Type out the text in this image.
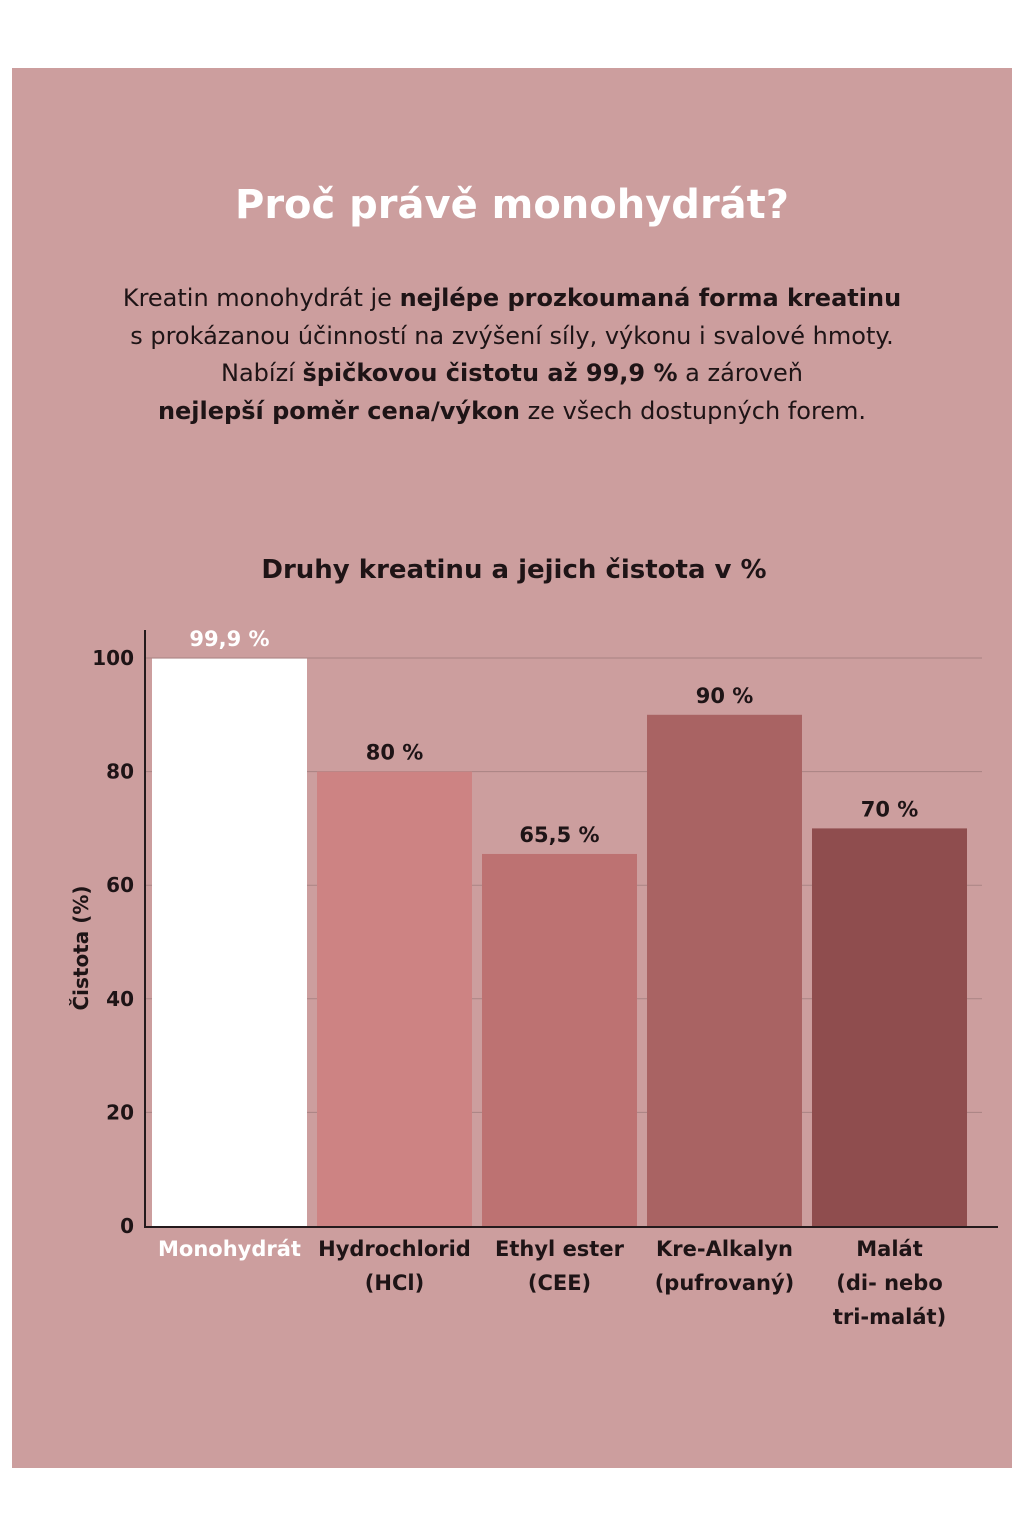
Proč právě monohydrát?

Kreatin monohydrát je nejlépe prozkoumaná forma kreatinu
s prokázanou účinností na zvýšení síly, výkonu i svalové hmoty.
Nabízí špičkovou čistotu až 99,9 % a zároveň
nejlepší poměr cena/výkon ze všech dostupných forem.

Druhy kreatinu a jejich čistota v %
0
20
40
60
80
100
Čistota (%)
99,9 %
Monohydrát
80 %
Hydrochlorid
(HCl)
65,5 %
Ethyl ester
(CEE)
90 %
Kre-Alkalyn
(pufrovaný)
70 %
Malát
(di- nebo
tri-malát)
